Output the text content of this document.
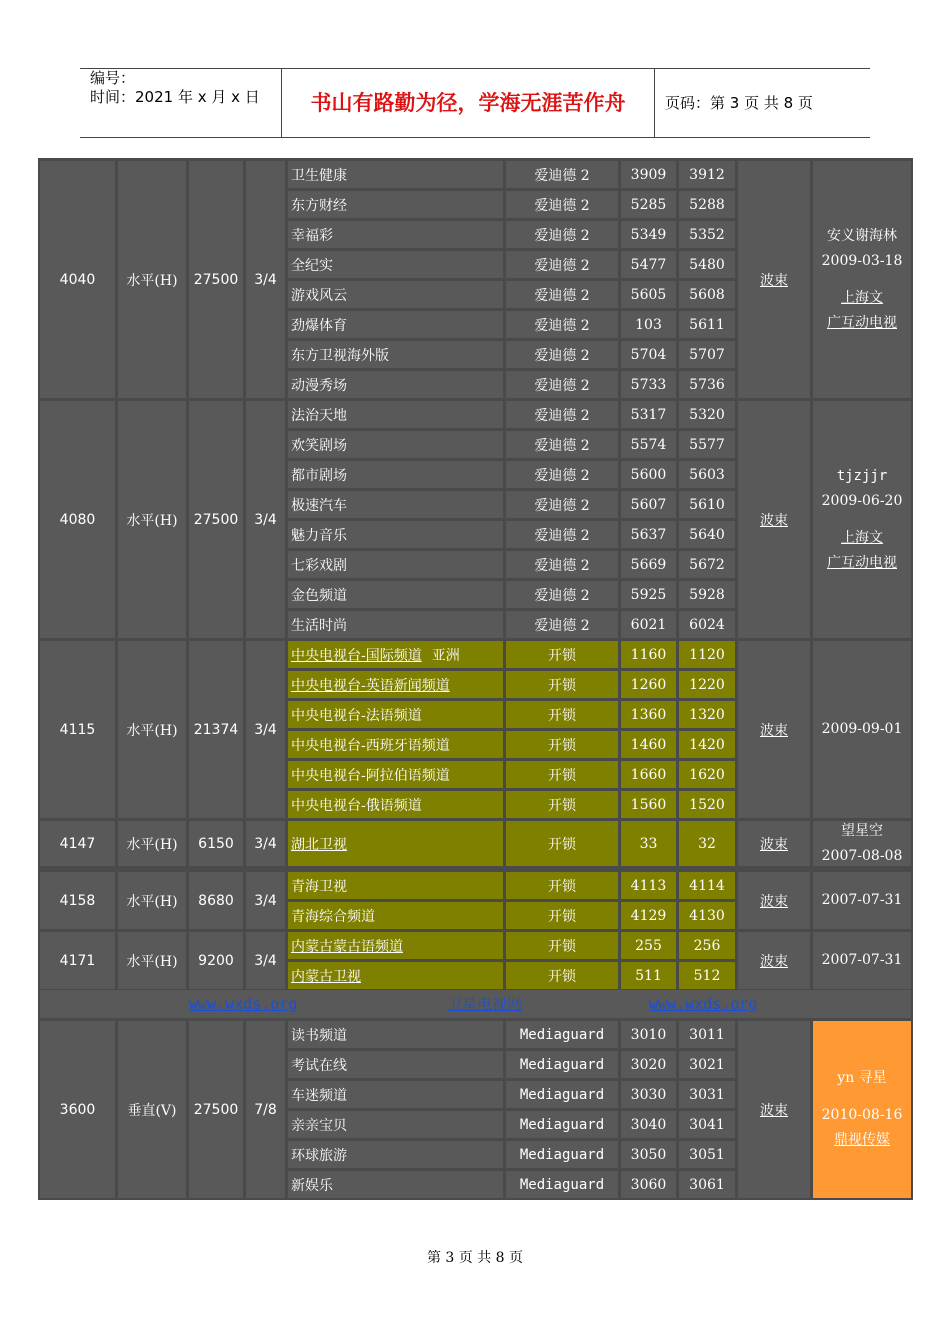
编号：
时间：2021 年 x 月 x 日	书山有路勤为径，学海无涯苦作舟	页码：第 3 页 共 8 页
www.wxds.org	卫星电视网	www.wxds.org
4040	水平(H)	27500	3/4	波束
安义谢海林
2009-03-18
上海文
广互动电视
卫生健康	爱迪德 2	3909	3912
东方财经	爱迪德 2	5285	5288
幸福彩	爱迪德 2	5349	5352
全纪实	爱迪德 2	5477	5480
游戏风云	爱迪德 2	5605	5608
劲爆体育	爱迪德 2	103	5611
东方卫视海外版	爱迪德 2	5704	5707
动漫秀场	爱迪德 2	5733	5736
4080	水平(H)	27500	3/4	波束
tjzjjr
2009-06-20
上海文
广互动电视
法治天地	爱迪德 2	5317	5320
欢笑剧场	爱迪德 2	5574	5577
都市剧场	爱迪德 2	5600	5603
极速汽车	爱迪德 2	5607	5610
魅力音乐	爱迪德 2	5637	5640
七彩戏剧	爱迪德 2	5669	5672
金色频道	爱迪德 2	5925	5928
生活时尚	爱迪德 2	6021	6024
4115	水平(H)	21374	3/4	波束	2009-09-01
中央电视台-国际频道 亚洲	开锁	1160	1120
中央电视台-英语新闻频道	开锁	1260	1220
中央电视台-法语频道	开锁	1360	1320
中央电视台-西班牙语频道	开锁	1460	1420
中央电视台-阿拉伯语频道	开锁	1660	1620
中央电视台-俄语频道	开锁	1560	1520
4147	水平(H)	6150	3/4	波束
望星空
2007-08-08
湖北卫视	开锁	33	32
4158	水平(H)	8680	3/4	波束	2007-07-31
青海卫视	开锁	4113	4114
青海综合频道	开锁	4129	4130
4171	水平(H)	9200	3/4	波束	2007-07-31
内蒙古蒙古语频道	开锁	255	256
内蒙古卫视	开锁	511	512
3600	垂直(V)	27500	7/8	波束
yn 寻星
2010-08-16
鼎视传媒
读书频道	Mediaguard	3010	3011
考试在线	Mediaguard	3020	3021
车迷频道	Mediaguard	3030	3031
亲亲宝贝	Mediaguard	3040	3041
环球旅游	Mediaguard	3050	3051
新娱乐	Mediaguard	3060	3061
第 3 页 共 8 页
